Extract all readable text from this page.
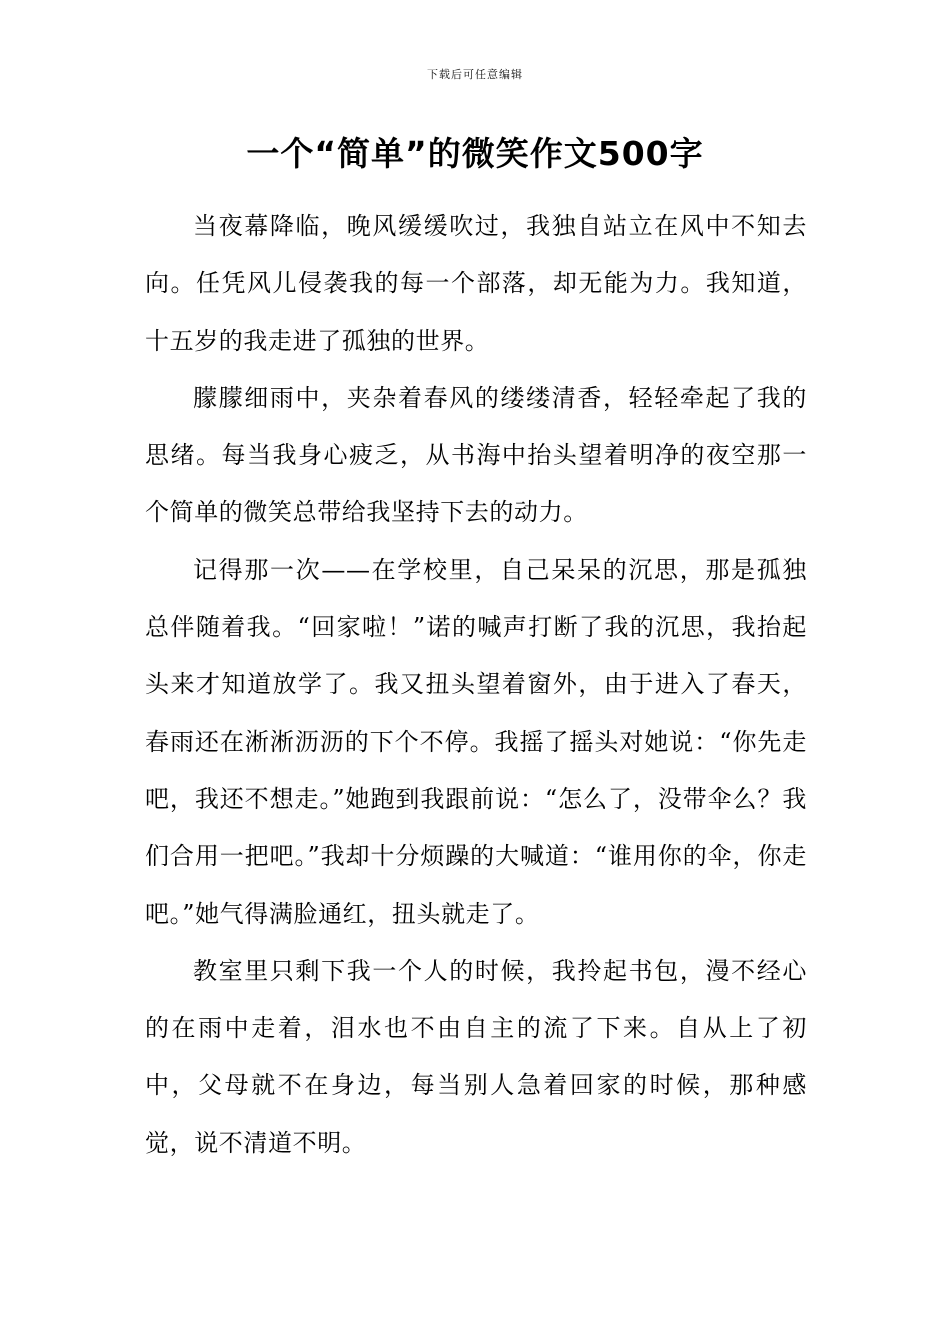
下载后可任意编辑
一个“简单”的微笑作文500字

当夜幕降临，晚风缓缓吹过，我独自站立在风中不知去向。任凭风儿侵袭我的每一个部落，却无能为力。我知道，十五岁的我走进了孤独的世界。

朦朦细雨中，夹杂着春风的缕缕清香，轻轻牵起了我的思绪。每当我身心疲乏，从书海中抬头望着明净的夜空那一个简单的微笑总带给我坚持下去的动力。

记得那一次——在学校里，自己呆呆的沉思，那是孤独总伴随着我。“回家啦！”诺的喊声打断了我的沉思，我抬起头来才知道放学了。我又扭头望着窗外，由于进入了春天，春雨还在淅淅沥沥的下个不停。我摇了摇头对她说：“你先走吧，我还不想走。”她跑到我跟前说：“怎么了，没带伞么？我们合用一把吧。”我却十分烦躁的大喊道：“谁用你的伞，你走吧。”她气得满脸通红，扭头就走了。

教室里只剩下我一个人的时候，我拎起书包，漫不经心的在雨中走着，泪水也不由自主的流了下来。自从上了初中，父母就不在身边，每当别人急着回家的时候，那种感觉，说不清道不明。
